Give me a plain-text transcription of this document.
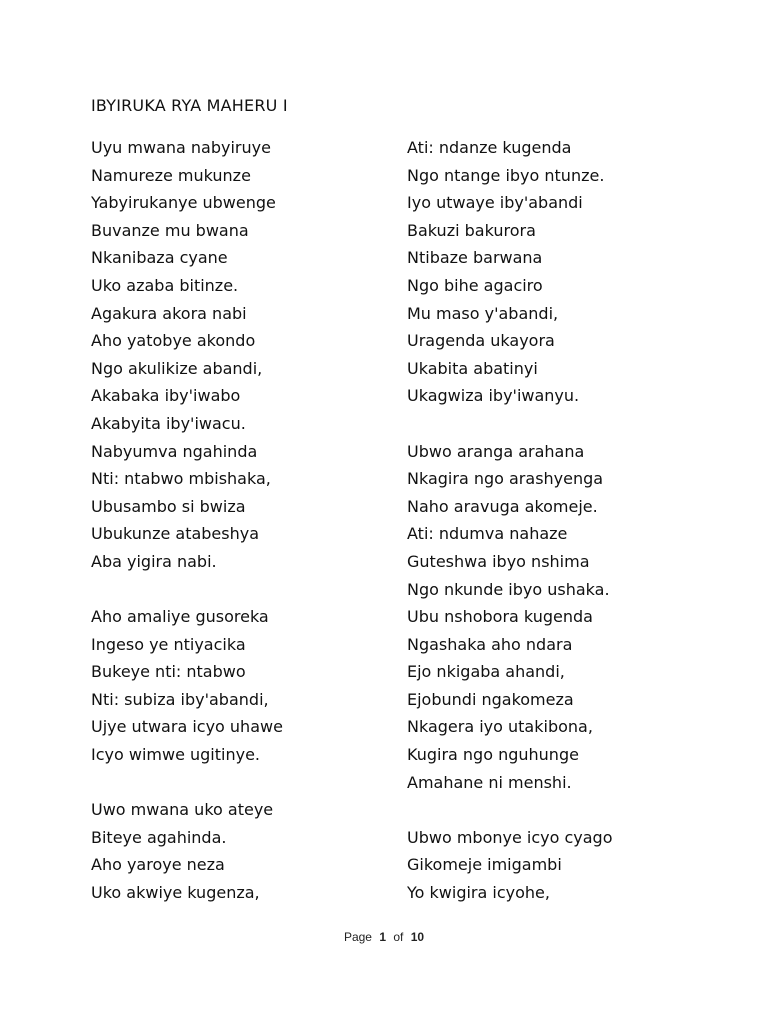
IBYIRUKA RYA MAHERU I
Uyu mwana nabyiruye
Namureze mukunze
Yabyirukanye ubwenge
Buvanze mu bwana
Nkanibaza cyane
Uko azaba bitinze.
Agakura akora nabi
Aho yatobye akondo
Ngo akulikize abandi,
Akabaka iby'iwabo
Akabyita iby'iwacu.
Nabyumva ngahinda
Nti: ntabwo mbishaka,
Ubusambo si bwiza
Ubukunze atabeshya
Aba yigira nabi.
Aho amaliye gusoreka
Ingeso ye ntiyacika
Bukeye nti: ntabwo
Nti: subiza iby'abandi,
Ujye utwara icyo uhawe
Icyo wimwe ugitinye.
Uwo mwana uko ateye
Biteye agahinda.
Aho yaroye neza
Uko akwiye kugenza,
Ati: ndanze kugenda
Ngo ntange ibyo ntunze.
Iyo utwaye iby'abandi
Bakuzi bakurora
Ntibaze barwana
Ngo bihe agaciro
Mu maso y'abandi,
Uragenda ukayora
Ukabita abatinyi
Ukagwiza iby'iwanyu.
Ubwo aranga arahana
Nkagira ngo arashyenga
Naho aravuga akomeje.
Ati: ndumva nahaze
Guteshwa ibyo nshima
Ngo nkunde ibyo ushaka.
Ubu nshobora kugenda
Ngashaka aho ndara
Ejo nkigaba ahandi,
Ejobundi ngakomeza
Nkagera iyo utakibona,
Kugira ngo nguhunge
Amahane ni menshi.
Ubwo mbonye icyo cyago
Gikomeje imigambi
Yo kwigira icyohe,
Page 1 of 10
